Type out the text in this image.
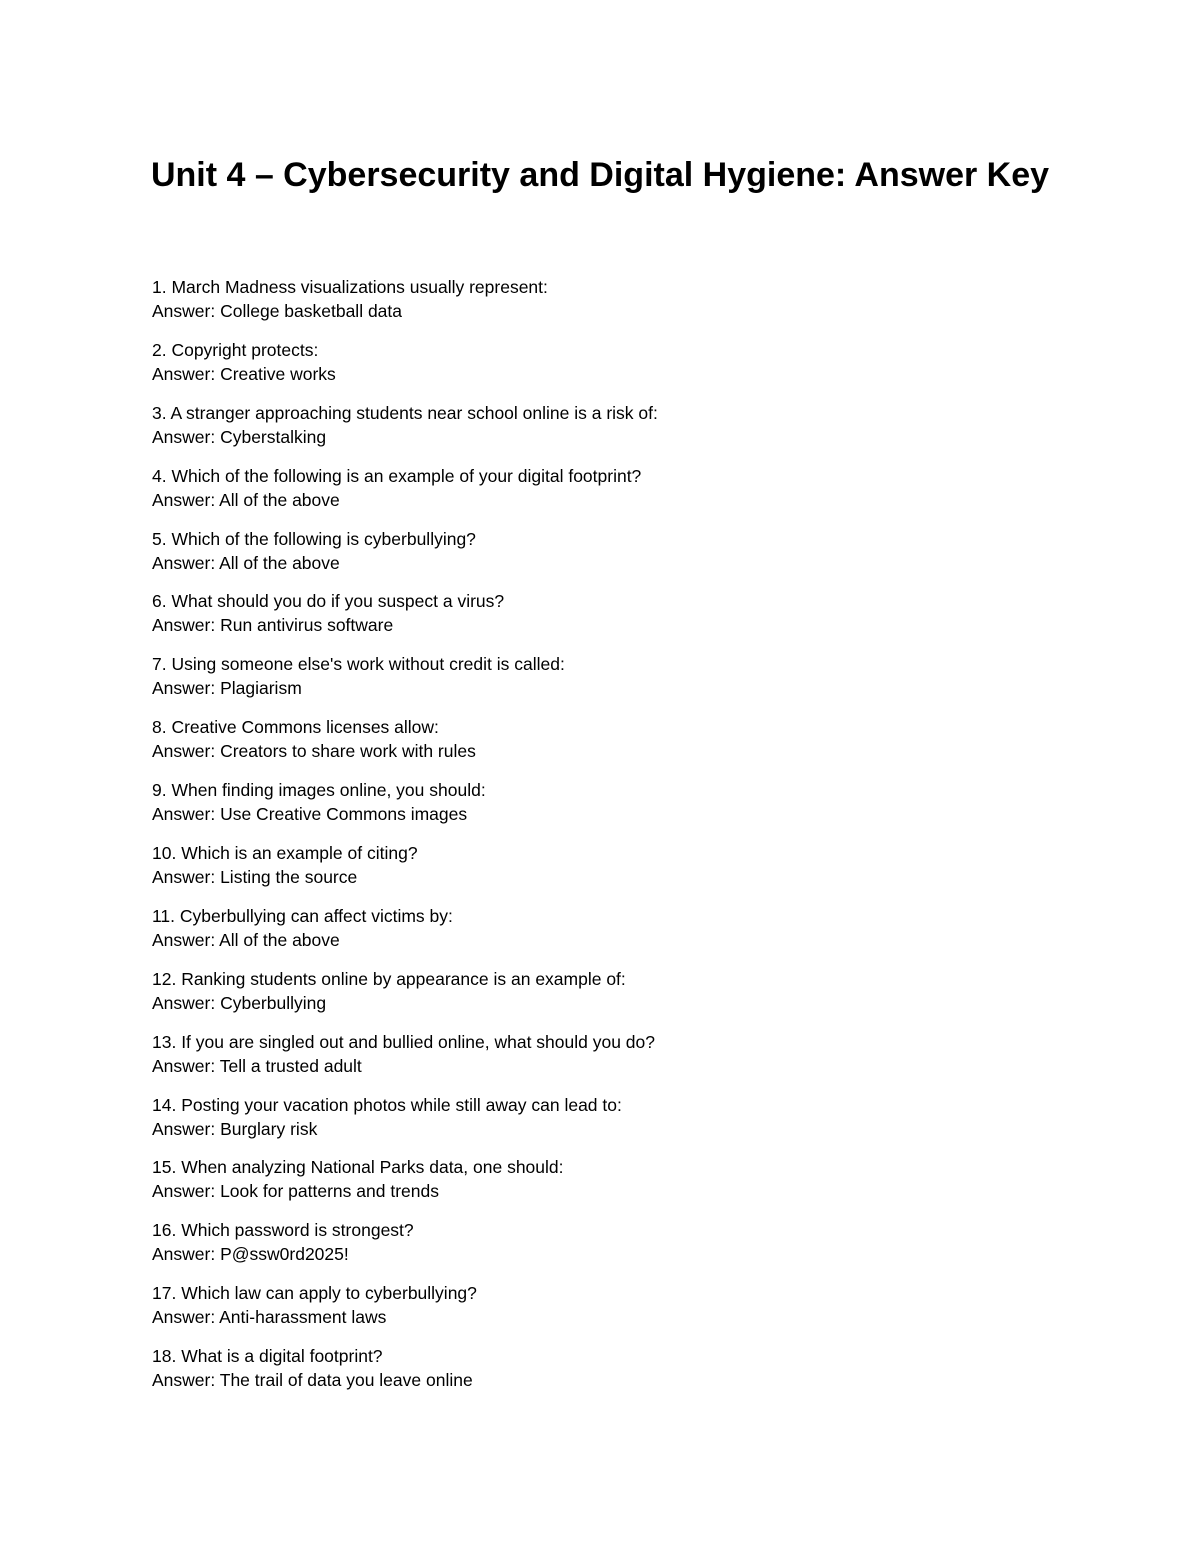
Unit 4 – Cybersecurity and Digital Hygiene: Answer Key
1. March Madness visualizations usually represent:
Answer: College basketball data
2. Copyright protects:
Answer: Creative works
3. A stranger approaching students near school online is a risk of:
Answer: Cyberstalking
4. Which of the following is an example of your digital footprint?
Answer: All of the above
5. Which of the following is cyberbullying?
Answer: All of the above
6. What should you do if you suspect a virus?
Answer: Run antivirus software
7. Using someone else's work without credit is called:
Answer: Plagiarism
8. Creative Commons licenses allow:
Answer: Creators to share work with rules
9. When finding images online, you should:
Answer: Use Creative Commons images
10. Which is an example of citing?
Answer: Listing the source
11. Cyberbullying can affect victims by:
Answer: All of the above
12. Ranking students online by appearance is an example of:
Answer: Cyberbullying
13. If you are singled out and bullied online, what should you do?
Answer: Tell a trusted adult
14. Posting your vacation photos while still away can lead to:
Answer: Burglary risk
15. When analyzing National Parks data, one should:
Answer: Look for patterns and trends
16. Which password is strongest?
Answer: P@ssw0rd2025!
17. Which law can apply to cyberbullying?
Answer: Anti-harassment laws
18. What is a digital footprint?
Answer: The trail of data you leave online
